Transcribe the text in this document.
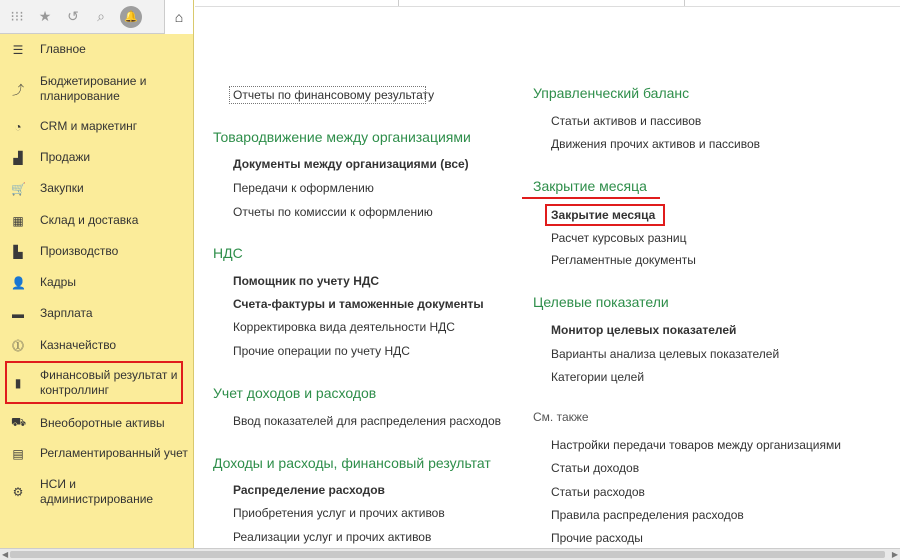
⁝⁝⁝	★	↺	⌕	🔔	⌂
☰ Главное
⤴
Бюджетирование и
планирование
◔ CRM и маркетинг
▟ Продажи
🛒 Закупки
▦ Склад и доставка
▙ Производство
👤 Кадры
▬ Зарплата
⓵ Казначейство
▮
Финансовый результат и
контроллинг
⛟ Внеоборотные активы
▤ Регламентированный учет
⚙
НСИ и
администрирование
Отчеты по финансовому результату
Товародвижение между организациями
Документы между организациями (все)
Передачи к оформлению
Отчеты по комиссии к оформлению
НДС
Помощник по учету НДС
Счета-фактуры и таможенные документы
Корректировка вида деятельности НДС
Прочие операции по учету НДС
Учет доходов и расходов
Ввод показателей для распределения расходов
Доходы и расходы, финансовый результат
Распределение расходов
Приобретения услуг и прочих активов
Реализации услуг и прочих активов
Управленческий баланс
Статьи активов и пассивов
Движения прочих активов и пассивов
Закрытие месяца
Закрытие месяца
Расчет курсовых разниц
Регламентные документы
Целевые показатели
Монитор целевых показателей
Варианты анализа целевых показателей
Категории целей
См. также
Настройки передачи товаров между организациями
Статьи доходов
Статьи расходов
Правила распределения расходов
Прочие расходы
◀	▶
